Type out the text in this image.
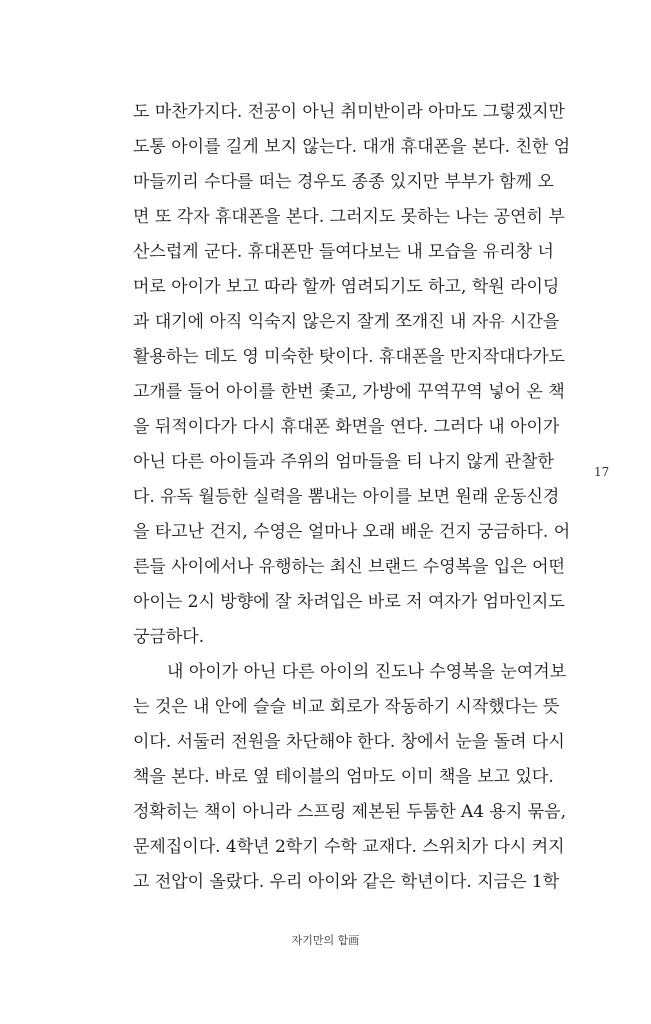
도 마찬가지다. 전공이 아닌 취미반이라 아마도 그렇겠지만
도통 아이를 길게 보지 않는다. 대개 휴대폰을 본다. 친한 엄
마들끼리 수다를 떠는 경우도 종종 있지만 부부가 함께 오
면 또 각자 휴대폰을 본다. 그러지도 못하는 나는 공연히 부
산스럽게 군다. 휴대폰만 들여다보는 내 모습을 유리창 너
머로 아이가 보고 따라 할까 염려되기도 하고, 학원 라이딩
과 대기에 아직 익숙지 않은지 잘게 쪼개진 내 자유 시간을
활용하는 데도 영 미숙한 탓이다. 휴대폰을 만지작대다가도
고개를 들어 아이를 한번 좇고, 가방에 꾸역꾸역 넣어 온 책
을 뒤적이다가 다시 휴대폰 화면을 연다. 그러다 내 아이가
아닌 다른 아이들과 주위의 엄마들을 티 나지 않게 관찰한
다. 유독 월등한 실력을 뽐내는 아이를 보면 원래 운동신경
을 타고난 건지, 수영은 얼마나 오래 배운 건지 궁금하다. 어
른들 사이에서나 유행하는 최신 브랜드 수영복을 입은 어떤
아이는 2시 방향에 잘 차려입은 바로 저 여자가 엄마인지도
궁금하다.
내 아이가 아닌 다른 아이의 진도나 수영복을 눈여겨보
는 것은 내 안에 슬슬 비교 회로가 작동하기 시작했다는 뜻
이다. 서둘러 전원을 차단해야 한다. 창에서 눈을 돌려 다시
책을 본다. 바로 옆 테이블의 엄마도 이미 책을 보고 있다.
정확히는 책이 아니라 스프링 제본된 두툼한 A4 용지 묶음,
문제집이다. 4학년 2학기 수학 교재다. 스위치가 다시 켜지
고 전압이 올랐다. 우리 아이와 같은 학년이다. 지금은 1학
17
자기만의 합画
